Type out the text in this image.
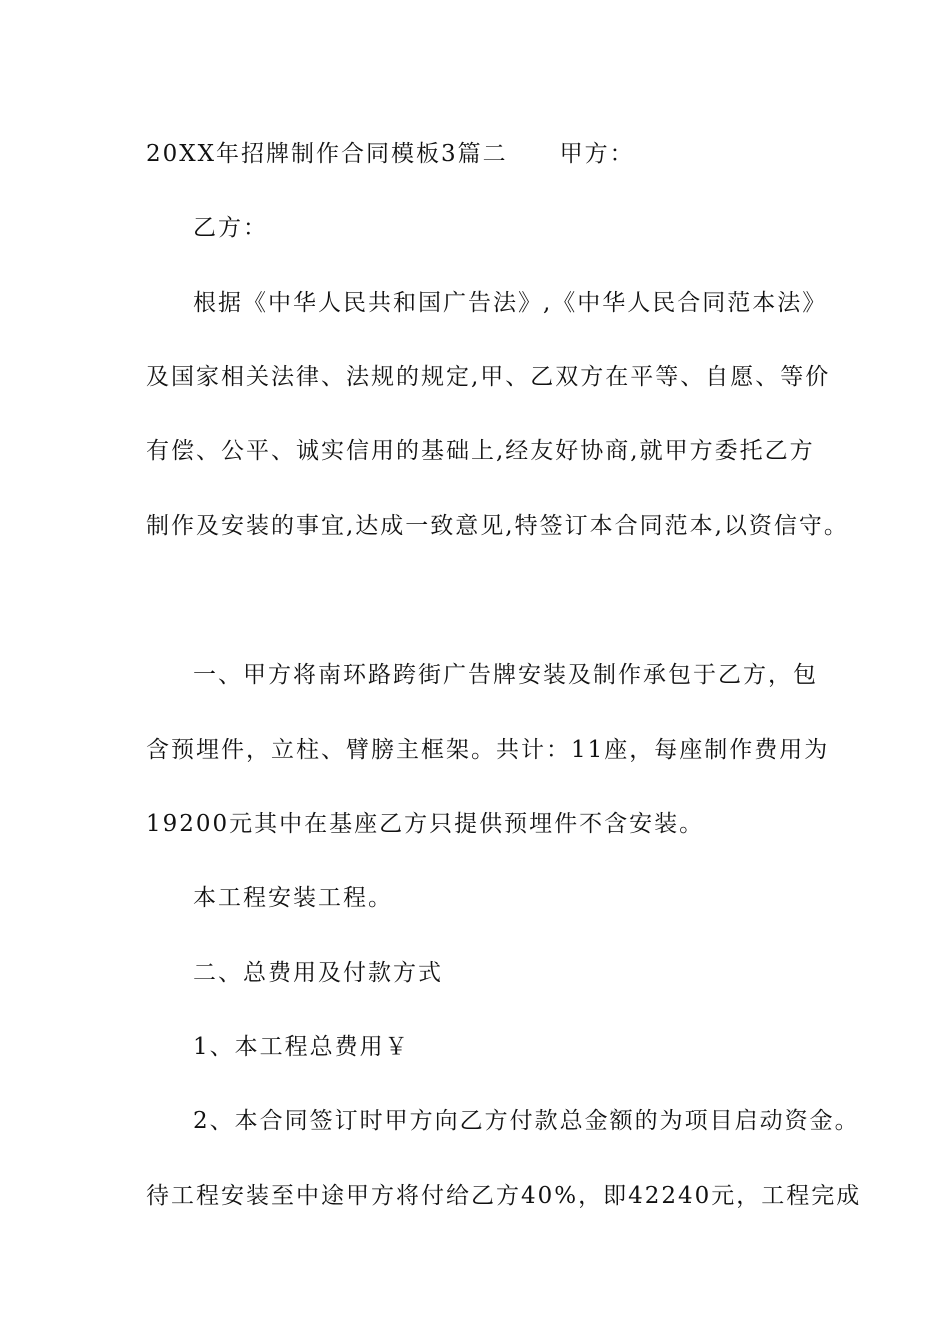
20XX年招牌制作合同模板3篇二 甲方：
乙方：
根据《中华人民共和国广告法》,《中华人民合同范本法》
及国家相关法律、法规的规定,甲、乙双方在平等、自愿、等价
有偿、公平、诚实信用的基础上,经友好协商,就甲方委托乙方
制作及安装的事宜,达成一致意见,特签订本合同范本,以资信守。
一、甲方将南环路跨街广告牌安装及制作承包于乙方，包
含预埋件，立柱、臂膀主框架。共计：11座，每座制作费用为
19200元其中在基座乙方只提供预埋件不含安装。
本工程安装工程。
二、总费用及付款方式
1、本工程总费用￥
2、本合同签订时甲方向乙方付款总金额的为项目启动资金。
待工程安装至中途甲方将付给乙方40%，即42240元，工程完成
